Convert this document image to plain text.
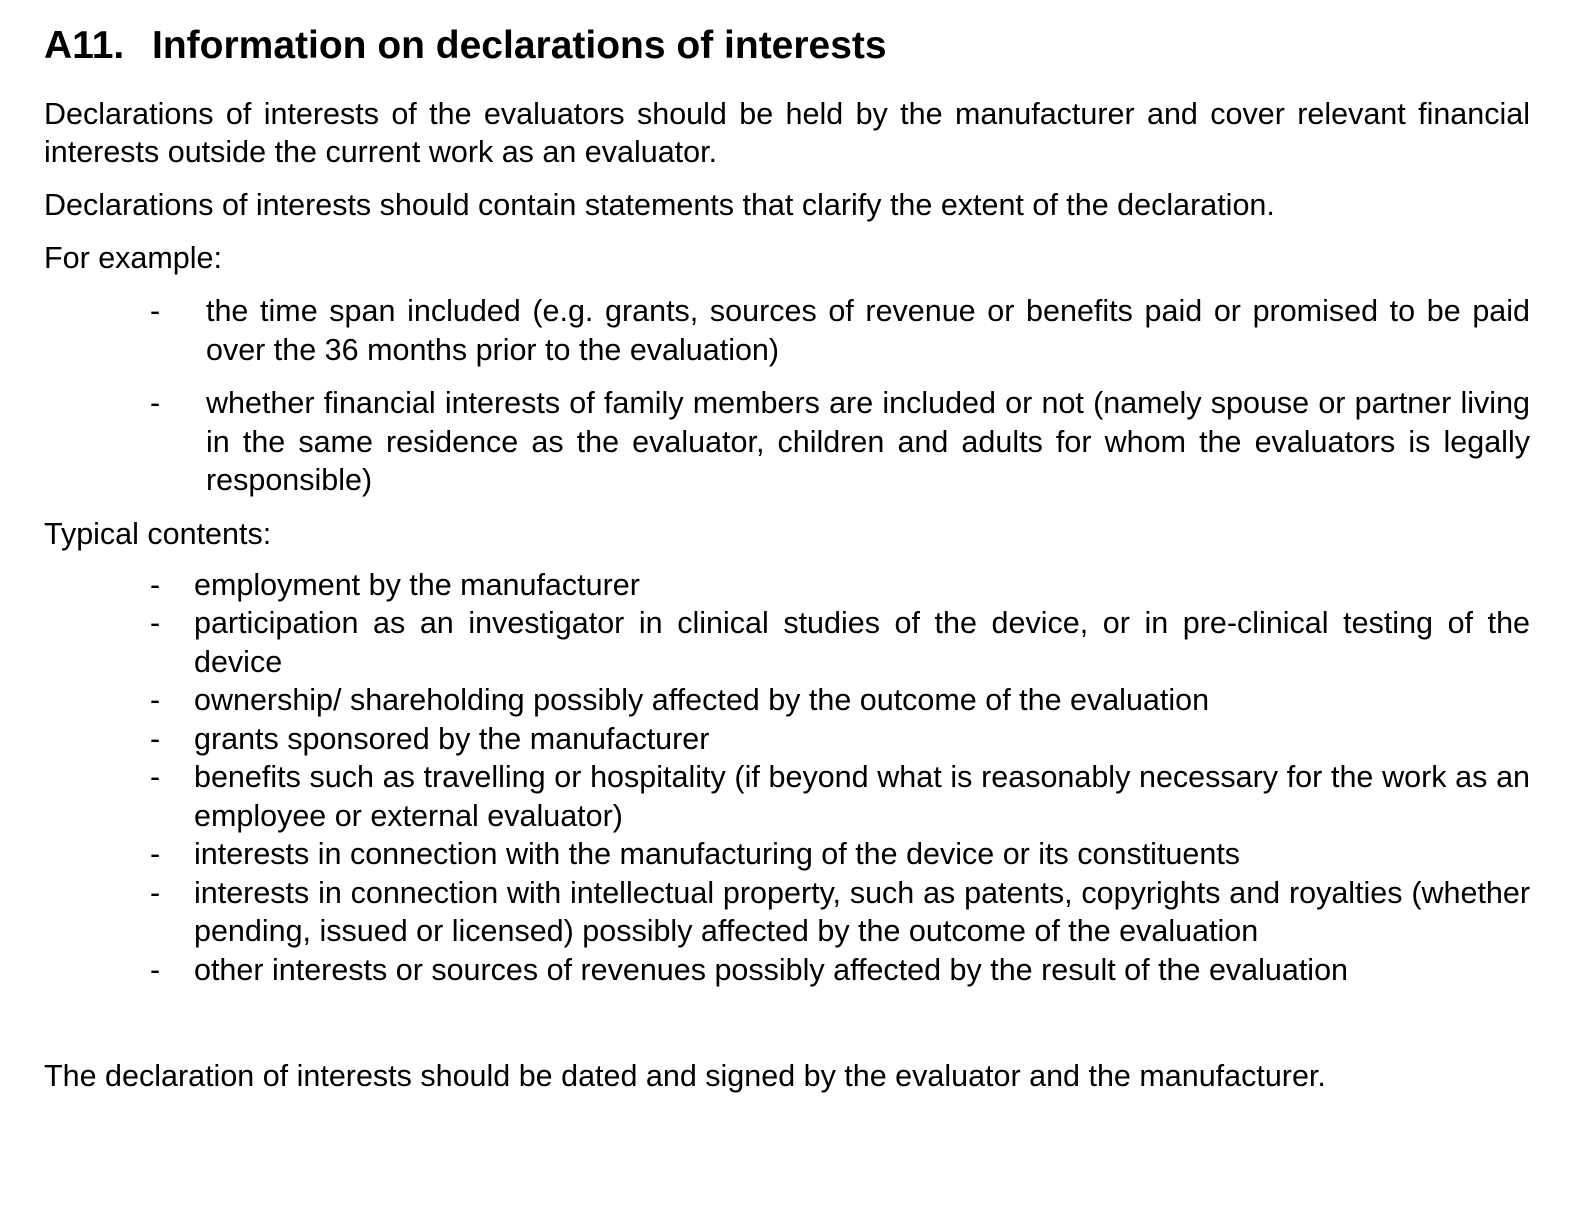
A11. Information on declarations of interests

Declarations of interests of the evaluators should be held by the manufacturer and cover relevant financial interests outside the current work as an evaluator.

Declarations of interests should contain statements that clarify the extent of the declaration.

For example:

-	the time span included (e.g. grants, sources of revenue or benefits paid or promised to be paid over the 36 months prior to the evaluation)
-	whether financial interests of family members are included or not (namely spouse or partner living in the same residence as the evaluator, children and adults for whom the evaluators is legally responsible)

Typical contents:

-	employment by the manufacturer
-	participation as an investigator in clinical studies of the device, or in pre-clinical testing of the device
-	ownership/ shareholding possibly affected by the outcome of the evaluation
-	grants sponsored by the manufacturer
-	benefits such as travelling or hospitality (if beyond what is reasonably necessary for the work as an employee or external evaluator)
-	interests in connection with the manufacturing of the device or its constituents
-	interests in connection with intellectual property, such as patents, copyrights and royalties (whether pending, issued or licensed) possibly affected by the outcome of the evaluation
-	other interests or sources of revenues possibly affected by the result of the evaluation

The declaration of interests should be dated and signed by the evaluator and the manufacturer.
